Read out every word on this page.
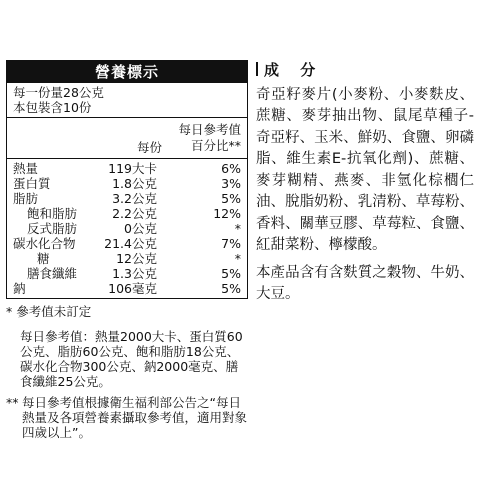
營養標示
每一份量28公克
本包裝含10份
每份
每日參考值
百分比**
熱量	119大卡	6%
蛋白質	1.8公克	3%
脂肪	3.2公克	5%
飽和脂肪	2.2公克	12%
反式脂肪	0公克	*
碳水化合物 21.4公克	7%
糖	12公克	*
膳食纖維	1.3公克	5%
鈉	106毫克	5%

* 參考值未訂定

每日參考值：熱量2000大卡、蛋白質60公克、脂肪60公克、飽和脂肪18公克、碳水化合物300公克、鈉2000毫克、膳食纖維25公克。

** 每日參考值根據衛生福利部公告之“每日熱量及各項營養素攝取參考值，適用對象四歲以上”。

成 分

奇亞籽麥片(小麥粉、小麥麩皮、蔗糖、麥芽抽出物、鼠尾草種子-奇亞籽、玉米、鮮奶、食鹽、卵磷脂、維生素E-抗氧化劑)、蔗糖、麥芽糊精、燕麥、非氫化棕櫚仁油、脫脂奶粉、乳清粉、草莓粉、香料、關華豆膠、草莓粒、食鹽、紅甜菜粉、檸檬酸。

本產品含有含麩質之穀物、牛奶、大豆。
